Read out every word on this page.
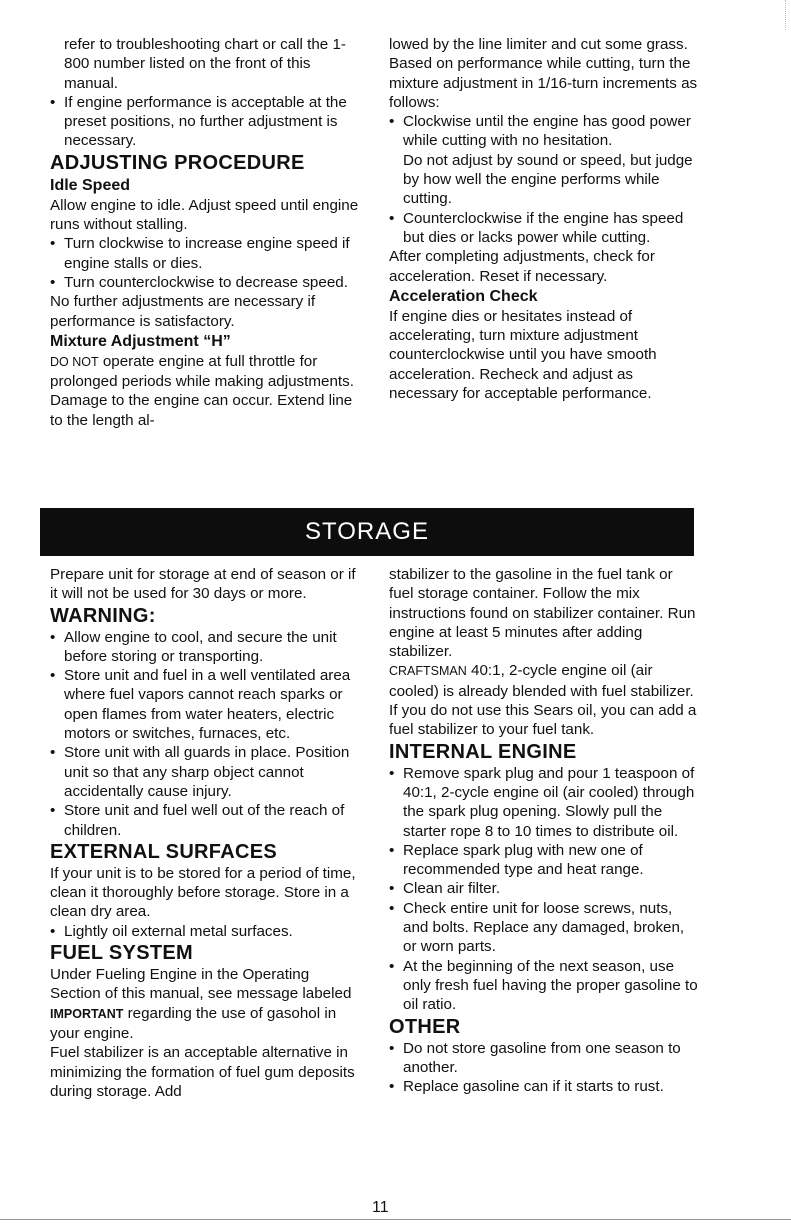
refer to troubleshooting chart or call the 1-800 number listed on the front of this manual.

• If engine performance is acceptable at the preset positions, no further adjustment is necessary.

ADJUSTING PROCEDURE

Idle Speed

Allow engine to idle. Adjust speed until engine runs without stalling.

• Turn clockwise to increase engine speed if engine stalls or dies.

• Turn counterclockwise to decrease speed.

No further adjustments are necessary if performance is satisfactory.

Mixture Adjustment “H”

DO NOT operate engine at full throttle for prolonged periods while making adjustments. Damage to the engine can occur. Extend line to the length al-

lowed by the line limiter and cut some grass. Based on performance while cutting, turn the mixture adjustment in 1/16-turn increments as follows:

• Clockwise until the engine has good power while cutting with no hesitation.

Do not adjust by sound or speed, but judge by how well the engine performs while cutting.

• Counterclockwise if the engine has speed but dies or lacks power while cutting.

After completing adjustments, check for acceleration. Reset if necessary.

Acceleration Check

If engine dies or hesitates instead of accelerating, turn mixture adjustment counterclockwise until you have smooth acceleration. Recheck and adjust as necessary for acceptable performance.

STORAGE

Prepare unit for storage at end of season or if it will not be used for 30 days or more.

WARNING:

• Allow engine to cool, and secure the unit before storing or transporting.

• Store unit and fuel in a well ventilated area where fuel vapors cannot reach sparks or open flames from water heaters, electric motors or switches, furnaces, etc.

• Store unit with all guards in place. Position unit so that any sharp object cannot accidentally cause injury.

• Store unit and fuel well out of the reach of children.

EXTERNAL SURFACES

If your unit is to be stored for a period of time, clean it thoroughly before storage. Store in a clean dry area.

• Lightly oil external metal surfaces.

FUEL SYSTEM

Under Fueling Engine in the Operating Section of this manual, see message labeled IMPORTANT regarding the use of gasohol in your engine.

Fuel stabilizer is an acceptable alternative in minimizing the formation of fuel gum deposits during storage. Add

stabilizer to the gasoline in the fuel tank or fuel storage container. Follow the mix instructions found on stabilizer container. Run engine at least 5 minutes after adding stabilizer.

CRAFTSMAN 40:1, 2-cycle engine oil (air cooled) is already blended with fuel stabilizer. If you do not use this Sears oil, you can add a fuel stabilizer to your fuel tank.

INTERNAL ENGINE

• Remove spark plug and pour 1 teaspoon of 40:1, 2-cycle engine oil (air cooled) through the spark plug opening. Slowly pull the starter rope 8 to 10 times to distribute oil.

• Replace spark plug with new one of recommended type and heat range.

• Clean air filter.

• Check entire unit for loose screws, nuts, and bolts. Replace any damaged, broken, or worn parts.

• At the beginning of the next season, use only fresh fuel having the proper gasoline to oil ratio.

OTHER

• Do not store gasoline from one season to another.

• Replace gasoline can if it starts to rust.

11
